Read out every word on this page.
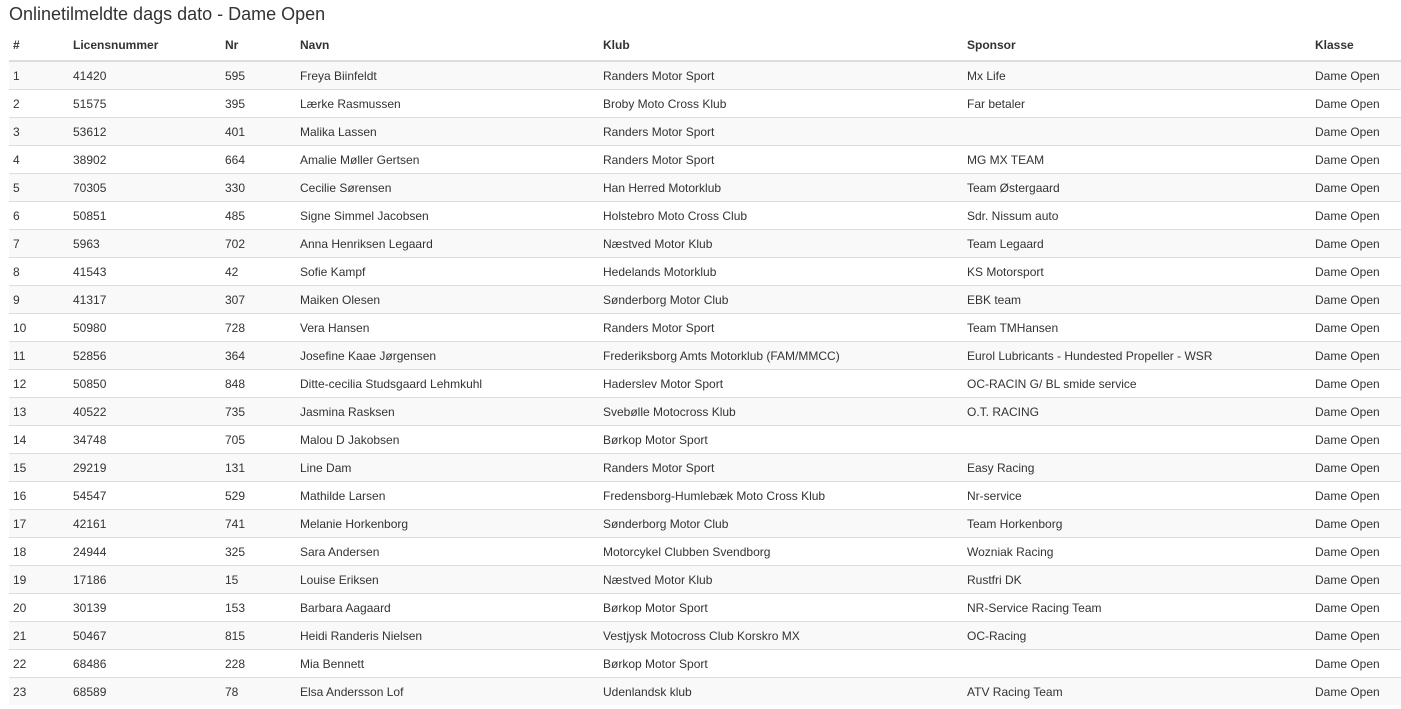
Onlinetilmeldte dags dato - Dame Open
#	Licensnummer	Nr	Navn	Klub	Sponsor	Klasse
1	41420	595	Freya Biinfeldt	Randers Motor Sport	Mx Life	Dame Open
2	51575	395	Lærke Rasmussen	Broby Moto Cross Klub	Far betaler	Dame Open
3	53612	401	Malika Lassen	Randers Motor Sport		Dame Open
4	38902	664	Amalie Møller Gertsen	Randers Motor Sport	MG MX TEAM	Dame Open
5	70305	330	Cecilie Sørensen	Han Herred Motorklub	Team Østergaard	Dame Open
6	50851	485	Signe Simmel Jacobsen	Holstebro Moto Cross Club	Sdr. Nissum auto	Dame Open
7	5963	702	Anna Henriksen Legaard	Næstved Motor Klub	Team Legaard	Dame Open
8	41543	42	Sofie Kampf	Hedelands Motorklub	KS Motorsport	Dame Open
9	41317	307	Maiken Olesen	Sønderborg Motor Club	EBK team	Dame Open
10	50980	728	Vera Hansen	Randers Motor Sport	Team TMHansen	Dame Open
11	52856	364	Josefine Kaae Jørgensen	Frederiksborg Amts Motorklub (FAM/MMCC)	Eurol Lubricants - Hundested Propeller - WSR	Dame Open
12	50850	848	Ditte-cecilia Studsgaard Lehmkuhl	Haderslev Motor Sport	OC-RACIN G/ BL smide service	Dame Open
13	40522	735	Jasmina Rasksen	Svebølle Motocross Klub	O.T. RACING	Dame Open
14	34748	705	Malou D Jakobsen	Børkop Motor Sport		Dame Open
15	29219	131	Line Dam	Randers Motor Sport	Easy Racing	Dame Open
16	54547	529	Mathilde Larsen	Fredensborg-Humlebæk Moto Cross Klub	Nr-service	Dame Open
17	42161	741	Melanie Horkenborg	Sønderborg Motor Club	Team Horkenborg	Dame Open
18	24944	325	Sara Andersen	Motorcykel Clubben Svendborg	Wozniak Racing	Dame Open
19	17186	15	Louise Eriksen	Næstved Motor Klub	Rustfri DK	Dame Open
20	30139	153	Barbara Aagaard	Børkop Motor Sport	NR-Service Racing Team	Dame Open
21	50467	815	Heidi Randeris Nielsen	Vestjysk Motocross Club Korskro MX	OC-Racing	Dame Open
22	68486	228	Mia Bennett	Børkop Motor Sport		Dame Open
23	68589	78	Elsa Andersson Lof	Udenlandsk klub	ATV Racing Team	Dame Open
